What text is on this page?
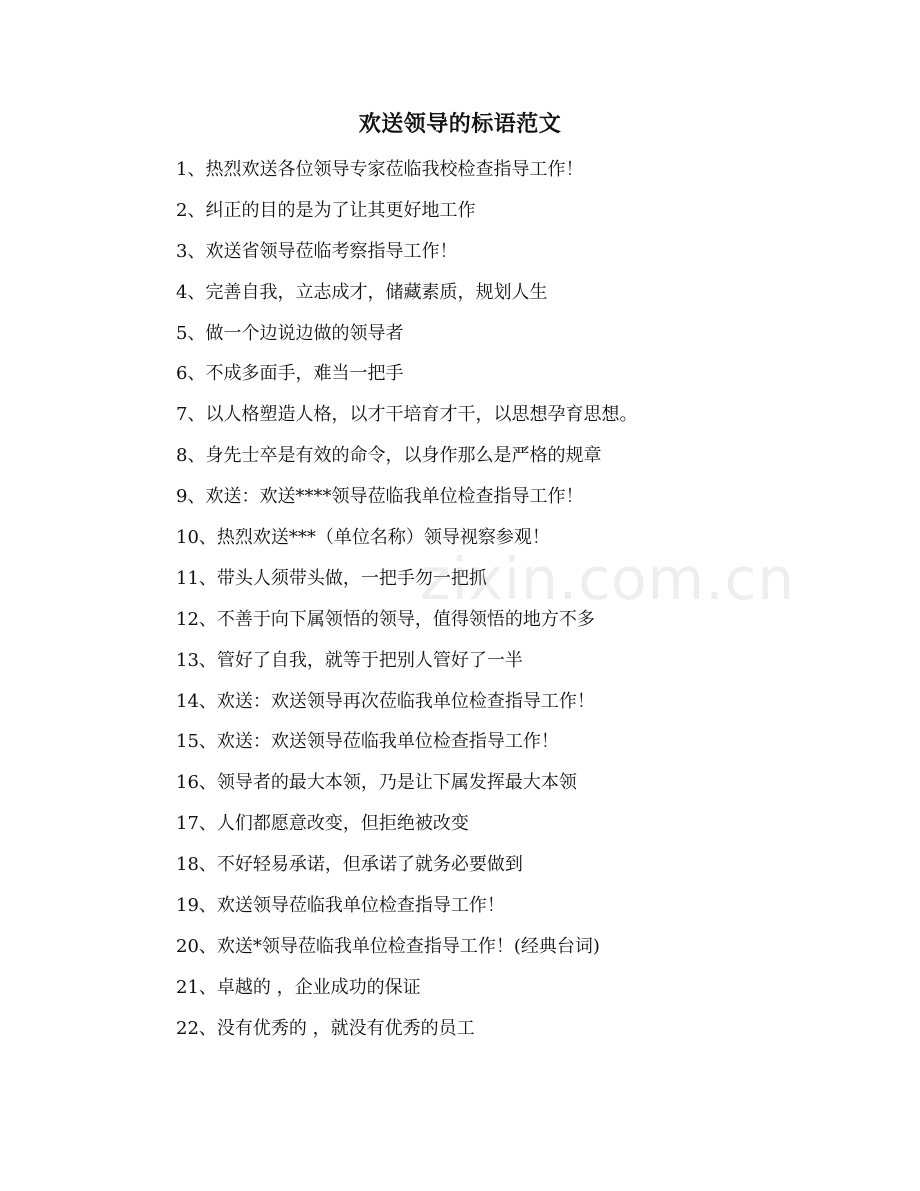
欢送领导的标语范文
1、热烈欢送各位领导专家莅临我校检查指导工作！
2、纠正的目的是为了让其更好地工作
3、欢送省领导莅临考察指导工作！
4、完善自我，立志成才，储藏素质，规划人生
5、做一个边说边做的领导者
6、不成多面手，难当一把手
7、以人格塑造人格，以才干培育才干，以思想孕育思想。
8、身先士卒是有效的命令，以身作那么是严格的规章
9、欢送：欢送****领导莅临我单位检查指导工作！
10、热烈欢送***（单位名称）领导视察参观！
11、带头人须带头做，一把手勿一把抓
12、不善于向下属领悟的领导，值得领悟的地方不多
13、管好了自我，就等于把别人管好了一半
14、欢送：欢送领导再次莅临我单位检查指导工作！
15、欢送：欢送领导莅临我单位检查指导工作！
16、领导者的最大本领，乃是让下属发挥最大本领
17、人们都愿意改变，但拒绝被改变
18、不好轻易承诺，但承诺了就务必要做到
19、欢送领导莅临我单位检查指导工作！
20、欢送*领导莅临我单位检查指导工作！(经典台词)
21、卓越的 ，企业成功的保证
22、没有优秀的 ，就没有优秀的员工
zixin.com.cn
